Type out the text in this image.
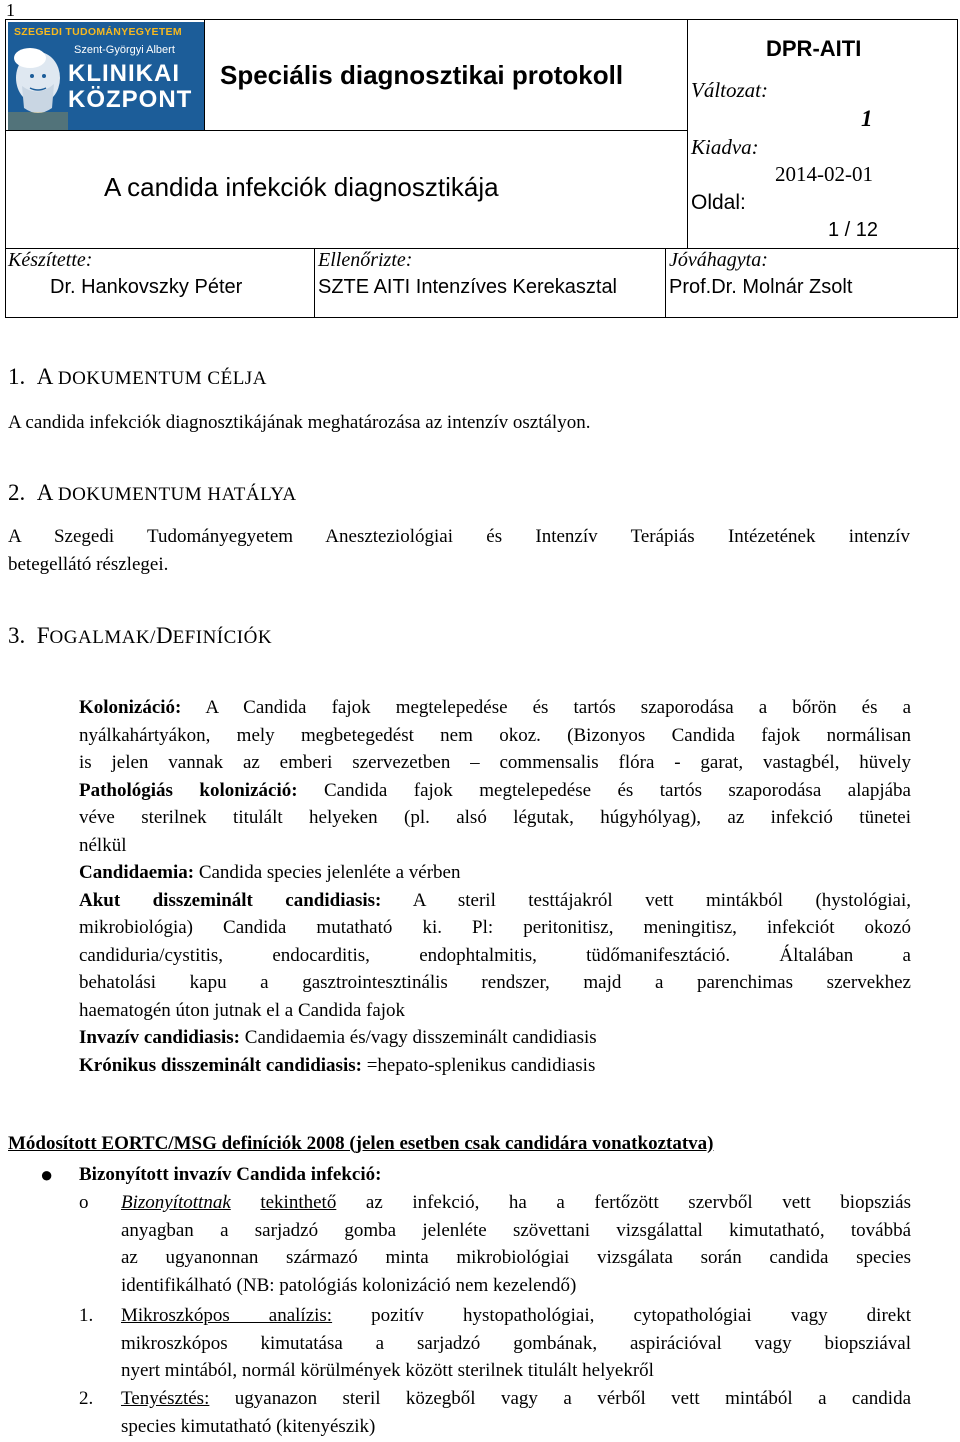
1
SZEGEDI TUDOMÁNYEGYETEM
Szent-Györgyi Albert
KLINIKAI
KÖZPONT
Speciális diagnosztikai protokoll
A candida infekciók diagnosztikája
DPR-AITI
Változat:
1
Kiadva:
2014-02-01
Oldal:
1 / 12
Készítette:
Dr. Hankovszky Péter
Ellenőrizte:
SZTE AITI Intenzíves Kerekasztal
Jóváhagyta:
Prof.Dr. Molnár Zsolt
1. A DOKUMENTUM CÉLJA
A candida infekciók diagnosztikájának meghatározása az intenzív osztályon.
2. A DOKUMENTUM HATÁLYA
A Szegedi Tudományegyetem Aneszteziológiai és Intenzív Terápiás Intézetének intenzív
betegellátó részlegei.
3. FOGALMAK/DEFINÍCIÓK
Kolonizáció: A Candida fajok megtelepedése és tartós szaporodása a bőrön és a
nyálkahártyákon, mely megbetegedést nem okoz. (Bizonyos Candida fajok normálisan
is jelen vannak az emberi szervezetben – commensalis flóra - garat, vastagbél, hüvely
Pathológiás kolonizáció: Candida fajok megtelepedése és tartós szaporodása alapjába
véve sterilnek titulált helyeken (pl. alsó légutak, húgyhólyag), az infekció tünetei
nélkül
Candidaemia: Candida species jelenléte a vérben
Akut disszeminált candidiasis: A steril testtájakról vett mintákból (hystológiai,
mikrobiológia) Candida mutatható ki. Pl: peritonitisz, meningitisz, infekciót okozó
candiduria/cystitis, endocarditis, endophtalmitis, tüdőmanifesztáció. Általában a
behatolási kapu a gasztrointesztinális rendszer, majd a parenchimas szervekhez
haematogén úton jutnak el a Candida fajok
Invazív candidiasis: Candidaemia és/vagy disszeminált candidiasis
Krónikus disszeminált candidiasis: =hepato-splenikus candidiasis
Módosított EORTC/MSG definíciók 2008 (jelen esetben csak candidára vonatkoztatva)
● Bizonyított invazív Candida infekció:
o Bizonyítottnak tekinthető az infekció, ha a fertőzött szervből vett biopsziás
anyagban a sarjadzó gomba jelenléte szövettani vizsgálattal kimutatható, továbbá
az ugyanonnan származó minta mikrobiológiai vizsgálata során candida species
identifikálható (NB: patológiás kolonizáció nem kezelendő)
1. Mikroszkópos analízis: pozitív hystopathológiai, cytopathológiai vagy direkt
mikroszkópos kimutatása a sarjadzó gombának, aspirációval vagy biopsziával
nyert mintából, normál körülmények között sterilnek titulált helyekről
2. Tenyésztés: ugyanazon steril közegből vagy a vérből vett mintából a candida
species kimutatható (kitenyészik)
